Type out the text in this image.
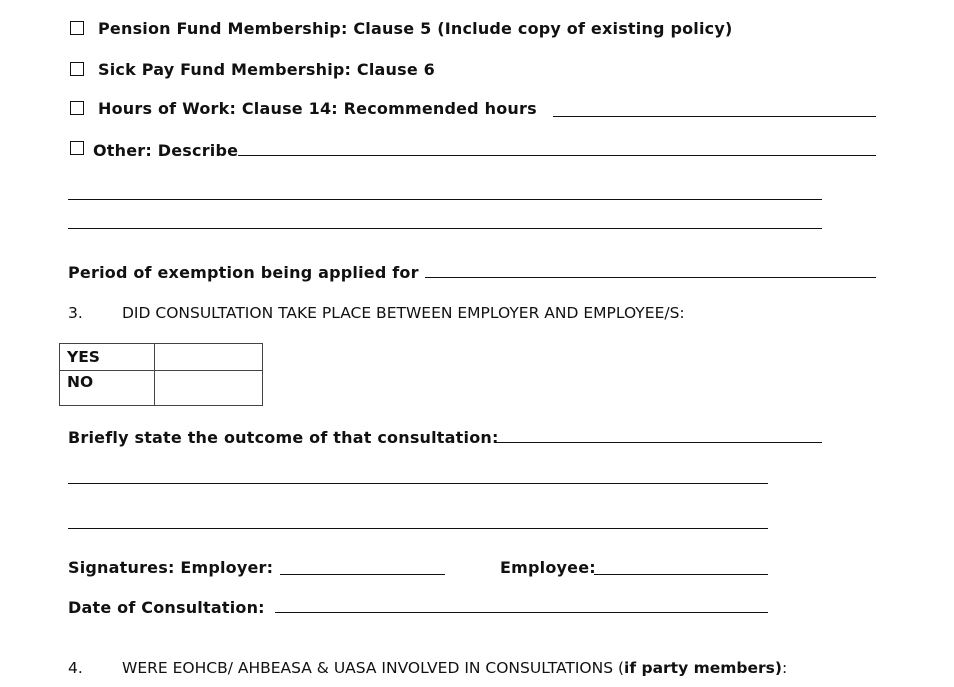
Pension Fund Membership: Clause 5 (Include copy of existing policy)
Sick Pay Fund Membership: Clause 6
Hours of Work: Clause 14: Recommended hours
Other: Describe
Period of exemption being applied for
3.	DID CONSULTATION TAKE PLACE BETWEEN EMPLOYER AND EMPLOYEE/S:
YES	
NO	
Briefly state the outcome of that consultation:
Signatures: Employer:	Employee:
Date of Consultation:
4.	WERE EOHCB/ AHBEASA & UASA INVOLVED IN CONSULTATIONS (if party members):
